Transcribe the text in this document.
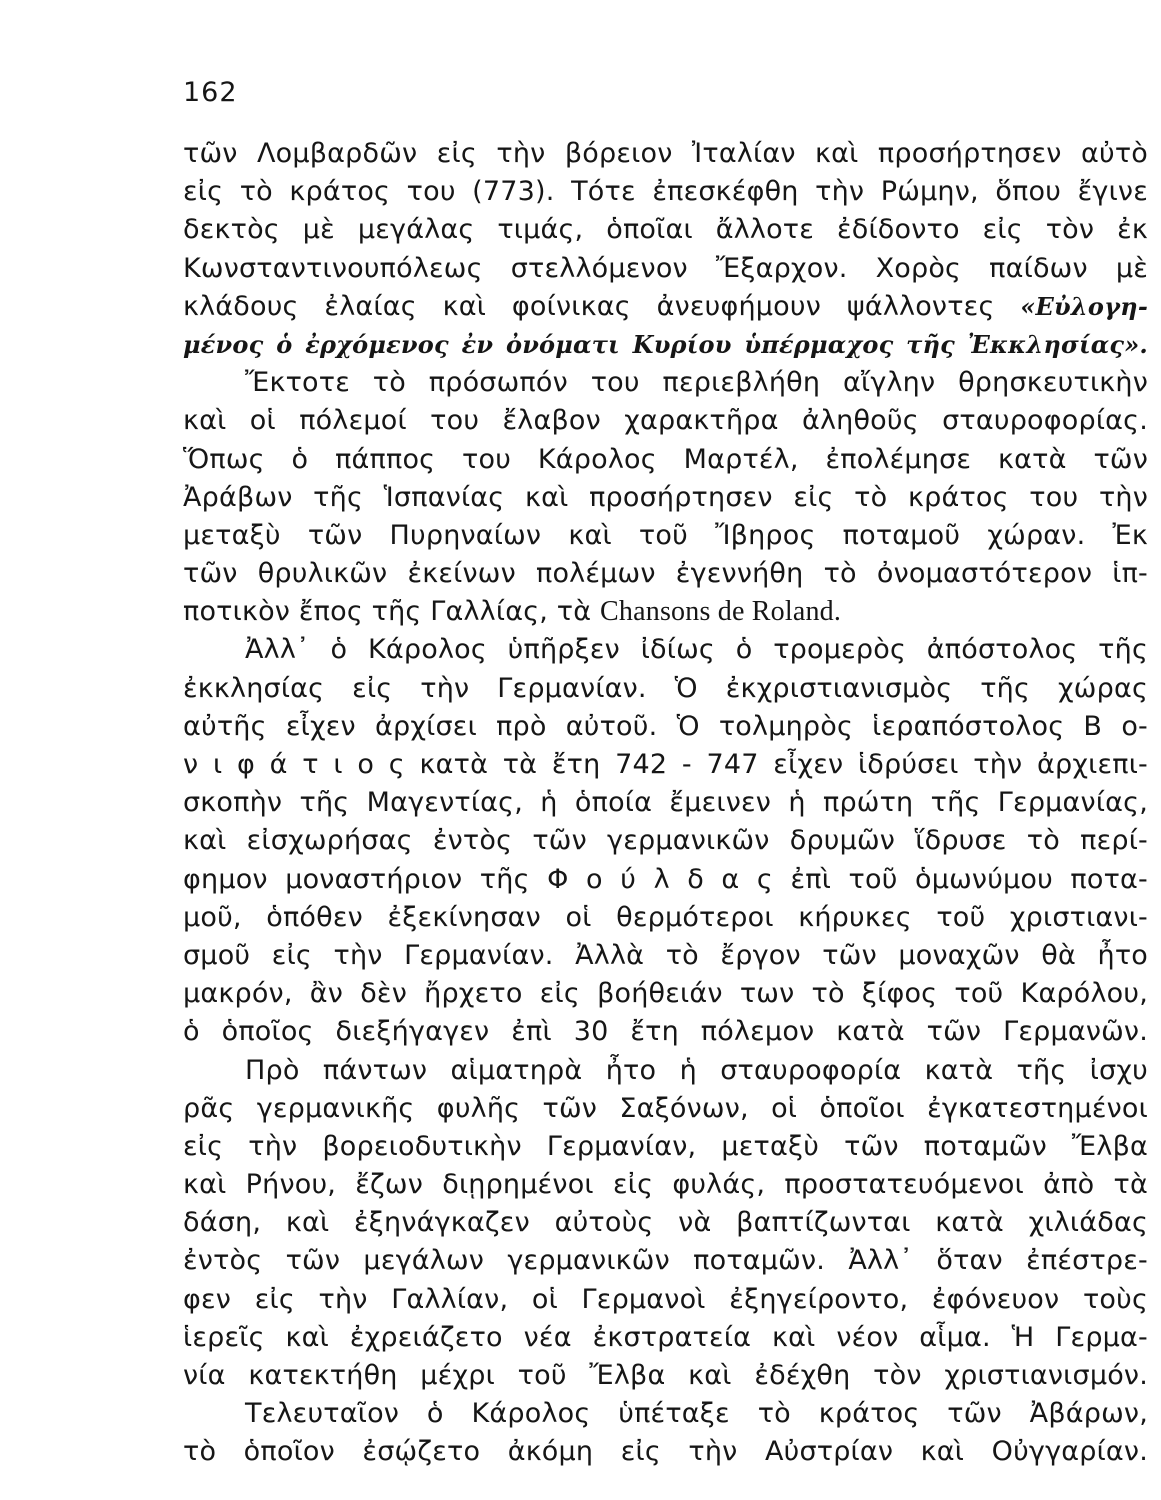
162
τῶν Λομβαρδῶν εἰς τὴν βόρειον Ἰταλίαν καὶ προσήρτησεν αὐτὸ
εἰς τὸ κράτος του (773). Τότε ἐπεσκέφθη τὴν Ρώμην, ὅπου ἔγινε
δεκτὸς μὲ μεγάλας τιμάς, ὁποῖαι ἄλλοτε ἐδίδοντο εἰς τὸν ἐκ
Κωνσταντινουπόλεως στελλόμενον Ἔξαρχον. Χορὸς παίδων μὲ
κλάδους ἐλαίας καὶ φοίνικας ἀνευφήμουν ψάλλοντες «Εὐλογη-
μένος ὁ ἐρχόμενος ἐν ὀνόματι Κυρίου ὑπέρμαχος τῆς Ἐκκλησίας».
Ἔκτοτε τὸ πρόσωπόν του περιεβλήθη αἴγλην θρησκευτικὴν
καὶ οἱ πόλεμοί του ἔλαβον χαρακτῆρα ἀληθοῦς σταυροφορίας.
Ὅπως ὁ πάππος του Κάρολος Μαρτέλ, ἐπολέμησε κατὰ τῶν
Ἀράβων τῆς Ἱσπανίας καὶ προσήρτησεν εἰς τὸ κράτος του τὴν
μεταξὺ τῶν Πυρηναίων καὶ τοῦ Ἴβηρος ποταμοῦ χώραν. Ἐκ
τῶν θρυλικῶν ἐκείνων πολέμων ἐγεννήθη τὸ ὀνομαστότερον ἱπ-
ποτικὸν ἔπος τῆς Γαλλίας, τὰ Chansons de Roland.
Ἀλλ᾽ ὁ Κάρολος ὑπῆρξεν ἰδίως ὁ τρομερὸς ἀπόστολος τῆς
ἐκκλησίας εἰς τὴν Γερμανίαν. Ὁ ἐκχριστιανισμὸς τῆς χώρας
αὐτῆς εἶχεν ἀρχίσει πρὸ αὐτοῦ. Ὁ τολμηρὸς ἱεραπόστολος Β ο-
ν ι φ ά τ ι ο ς κατὰ τὰ ἔτη 742 - 747 εἶχεν ἱδρύσει τὴν ἀρχιεπι-
σκοπὴν τῆς Μαγεντίας, ἡ ὁποία ἔμεινεν ἡ πρώτη τῆς Γερμανίας,
καὶ εἰσχωρήσας ἐντὸς τῶν γερμανικῶν δρυμῶν ἵδρυσε τὸ περί-
φημον μοναστήριον τῆς Φ ο ύ λ δ α ς ἐπὶ τοῦ ὁμωνύμου ποτα-
μοῦ, ὁπόθεν ἐξεκίνησαν οἱ θερμότεροι κήρυκες τοῦ χριστιανι-
σμοῦ εἰς τὴν Γερμανίαν. Ἀλλὰ τὸ ἔργον τῶν μοναχῶν θὰ ἦτο
μακρόν, ἂν δὲν ἤρχετο εἰς βοήθειάν των τὸ ξίφος τοῦ Καρόλου,
ὁ ὁποῖος διεξήγαγεν ἐπὶ 30 ἔτη πόλεμον κατὰ τῶν Γερμανῶν.
Πρὸ πάντων αἱματηρὰ ἦτο ἡ σταυροφορία κατὰ τῆς ἰσχυ
ρᾶς γερμανικῆς φυλῆς τῶν Σαξόνων, οἱ ὁποῖοι ἐγκατεστημένοι
εἰς τὴν βορειοδυτικὴν Γερμανίαν, μεταξὺ τῶν ποταμῶν Ἔλβα
καὶ Ρήνου, ἔζων διῃρημένοι εἰς φυλάς, προστατευόμενοι ἀπὸ τὰ
δάση, καὶ ἐξηνάγκαζεν αὐτοὺς νὰ βαπτίζωνται κατὰ χιλιάδας
ἐντὸς τῶν μεγάλων γερμανικῶν ποταμῶν. Ἀλλ᾽ ὅταν ἐπέστρε-
φεν εἰς τὴν Γαλλίαν, οἱ Γερμανοὶ ἐξηγείροντο, ἐφόνευον τοὺς
ἱερεῖς καὶ ἐχρειάζετο νέα ἐκστρατεία καὶ νέον αἷμα. Ἡ Γερμα-
νία κατεκτήθη μέχρι τοῦ Ἔλβα καὶ ἐδέχθη τὸν χριστιανισμόν.
Τελευταῖον ὁ Κάρολος ὑπέταξε τὸ κράτος τῶν Ἀβάρων,
τὸ ὁποῖον ἐσῴζετο ἀκόμη εἰς τὴν Αὐστρίαν καὶ Οὐγγαρίαν.
